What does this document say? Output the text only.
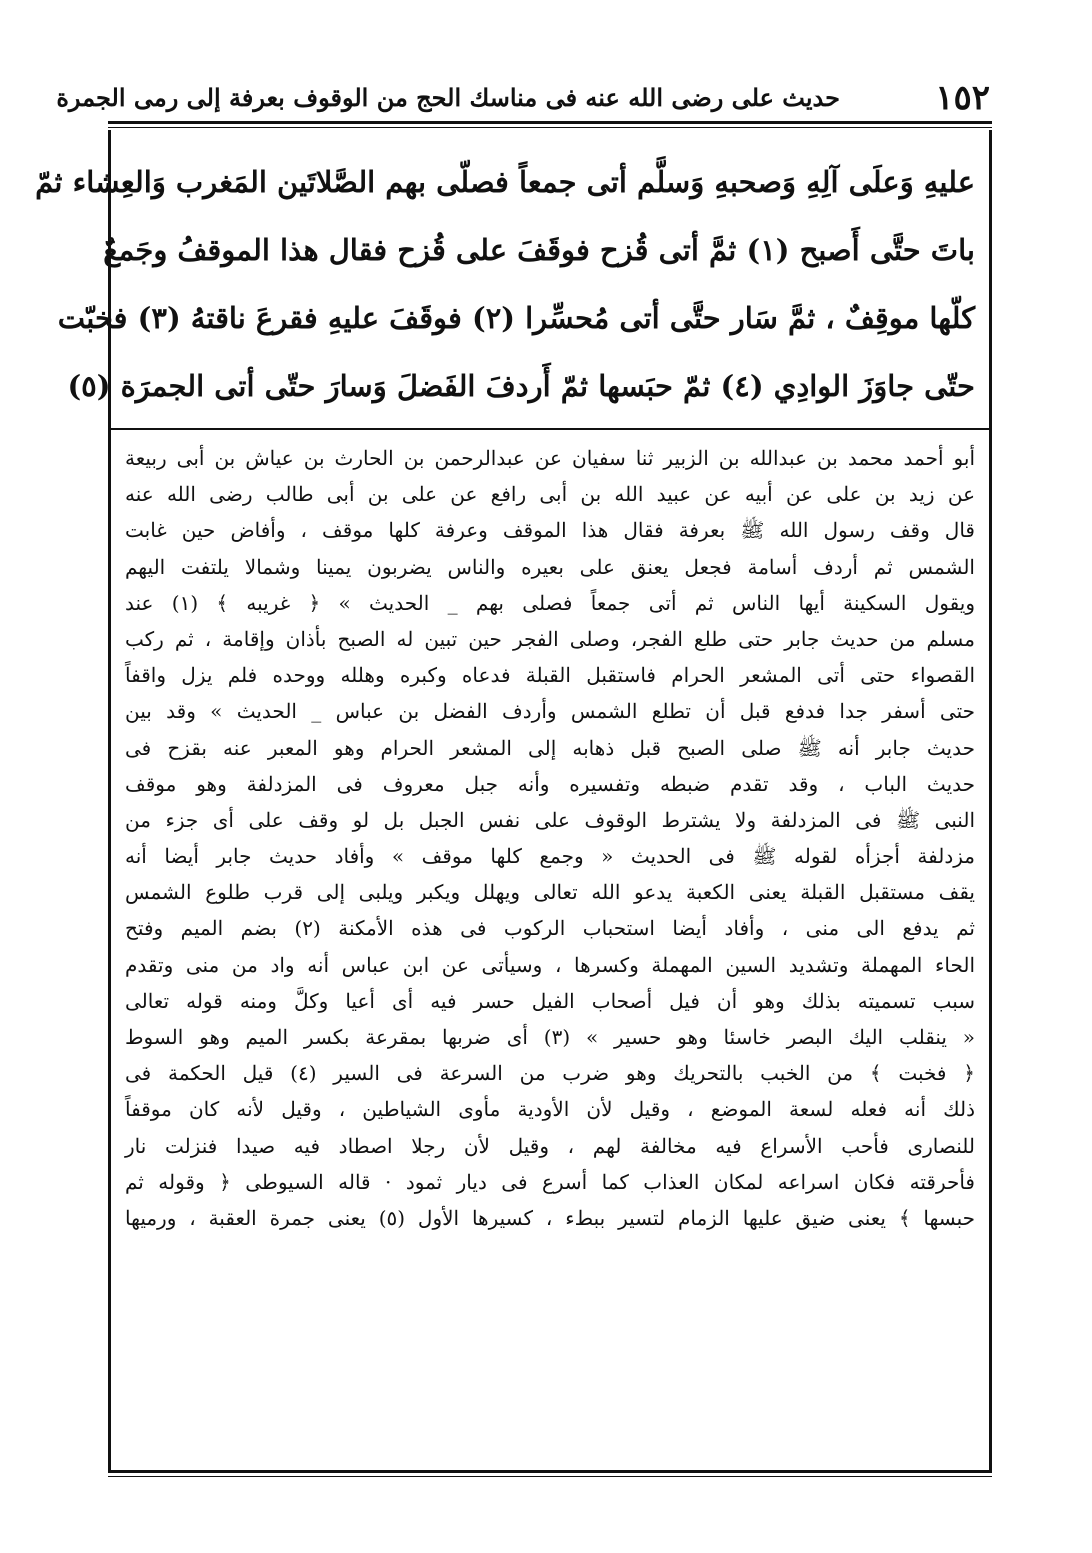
١٥٢
حديث على رضى الله عنه فى مناسك الحج من الوقوف بعرفة إلى رمى الجمرة
عليهِ وَعلَى آلِهِ وَصحبهِ وَسلَّم أتى جمعاً فصلّى بهم الصَّلاتَين المَغرب وَالعِشاء ثمّ
باتَ حتَّى أَصبح (١) ثمَّ أتى قُزح فوقَفَ على قُزح فقال هذا الموقفُ وجَمعٌ
كلّها موقِفٌ ، ثمَّ سَار حتَّى أتى مُحسِّرا (٢) فوقَفَ عليهِ فقرعَ ناقتهُ (٣) فخبّت
حتّى جاوَزَ الوادِي (٤) ثمّ حبَسها ثمّ أَردفَ الفَضلَ وَسارَ حتّى أتى الجمرَة (٥)
أبو أحمد محمد بن عبدالله بن الزبير ثنا سفيان عن عبدالرحمن بن الحارث بن عياش بن أبى ربيعة
عن زيد بن على عن أبيه عن عبيد الله بن أبى رافع عن على بن أبى طالب رضى الله عنه
قال وقف رسول الله ﷺ بعرفة فقال هذا الموقف وعرفة كلها موقف ، وأفاض حين غابت
الشمس ثم أردف أسامة فجعل يعنق على بعيره والناس يضربون يمينا وشمالا يلتفت اليهم
ويقول السكينة أيها الناس ثم أتى جمعاً فصلى بهم _ الحديث » ﴿ غريبه ﴾ (١) عند
مسلم من حديث جابر حتى طلع الفجر، وصلى الفجر حين تبين له الصبح بأذان وإقامة ، ثم ركب
القصواء حتى أتى المشعر الحرام فاستقبل القبلة فدعاه وكبره وهلله ووحده فلم يزل واقفاً
حتى أسفر جدا فدفع قبل أن تطلع الشمس وأردف الفضل بن عباس _ الحديث » وقد بين
حديث جابر أنه ﷺ صلى الصبح قبل ذهابه إلى المشعر الحرام وهو المعبر عنه بقزح فى
حديث الباب ، وقد تقدم ضبطه وتفسيره وأنه جبل معروف فى المزدلفة وهو موقف
النبى ﷺ فى المزدلفة ولا يشترط الوقوف على نفس الجبل بل لو وقف على أى جزء من
مزدلفة أجزأه لقوله ﷺ فى الحديث « وجمع كلها موقف » وأفاد حديث جابر أيضا أنه
يقف مستقبل القبلة يعنى الكعبة يدعو الله تعالى ويهلل ويكبر ويلبى إلى قرب طلوع الشمس
ثم يدفع الى منى ، وأفاد أيضا استحباب الركوب فى هذه الأمكنة (٢) بضم الميم وفتح
الحاء المهملة وتشديد السين المهملة وكسرها ، وسيأتى عن ابن عباس أنه واد من منى وتقدم
سبب تسميته بذلك وهو أن فيل أصحاب الفيل حسر فيه أى أعيا وكلَّ ومنه قوله تعالى
« ينقلب اليك البصر خاسئا وهو حسير » (٣) أى ضربها بمقرعة بكسر الميم وهو السوط
﴿ فخبت ﴾ من الخبب بالتحريك وهو ضرب من السرعة فى السير (٤) قيل الحكمة فى
ذلك أنه فعله لسعة الموضع ، وقيل لأن الأودية مأوى الشياطين ، وقيل لأنه كان موقفاً
للنصارى فأحب الأسراع فيه مخالفة لهم ، وقيل لأن رجلا اصطاد فيه صيدا فنزلت نار
فأحرقته فكان اسراعه لمكان العذاب كما أسرع فى ديار ثمود · قاله السيوطى ﴿ وقوله ثم
حبسها ﴾ يعنى ضيق عليها الزمام لتسير ببطء ، كسيرها الأول (٥) يعنى جمرة العقبة ، ورميها
